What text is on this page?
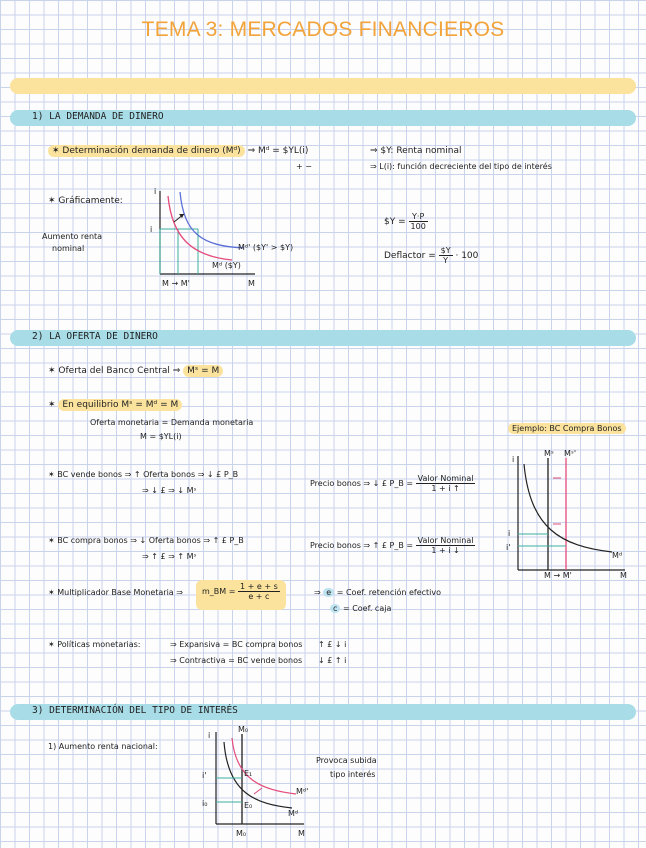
TEMA 3: MERCADOS FINANCIEROS
1) LA DEMANDA DE DINERO
✶ Determinación demanda de dinero (Mᵈ) ⇒ Mᵈ = $YL(i)
+ −
⇒ $Y: Renta nominal
⇒ L(i): función decreciente del tipo de interés
✶ Gráficamente:
Aumento renta
nominal
i
i
M
M → M'
Mᵈ' ($Y' > $Y)
Mᵈ ($Y)
$Y = $\frac{Y\cdot P}{100}$
Deflactor = $\frac{\$Y}{Y} \cdot 100$
2) LA OFERTA DE DINERO
✶ Oferta del Banco Central ⇒ Mˢ = M
✶ En equilibrio Mˢ = Mᵈ = M
Oferta monetaria = Demanda monetaria
M = $YL(i)
Ejemplo: BC Compra Bonos
✶ BC vende bonos ⇒ ↑ Oferta bonos ⇒ ↓ £ P_B
⇒ ↓ £ ⇒ ↓ Mˢ
Precio bonos ⇒ ↓ £ P_B = $\frac{\text{Valor Nominal}}{1 + i ↑}$
✶ BC compra bonos ⇒ ↓ Oferta bonos ⇒ ↑ £ P_B
⇒ ↑ £ ⇒ ↑ Mˢ
Precio bonos ⇒ ↑ £ P_B = $\frac{\text{Valor Nominal}}{1 + i ↓}$
i
i
i'
Mˢ Mˢ'
Mᵈ
M
M → M'
✶ Multiplicador Base Monetaria ⇒	m_BM = $\frac{1 + e + s}{e + c}$	⇒ e = Coef. retención efectivo
c = Coef. caja
✶ Políticas monetarias:	⇒ Expansiva = BC compra bonos ↑ £ ↓ i
⇒ Contractiva = BC vende bonos ↓ £ ↑ i
3) DETERMINACIÓN DEL TIPO DE INTERÉS
1) Aumento renta nacional:
Provoca subida
tipo interés
i
M₀
i'
i₀
E₁
E₀
Mᵈ'
Mᵈ
M₀	M
